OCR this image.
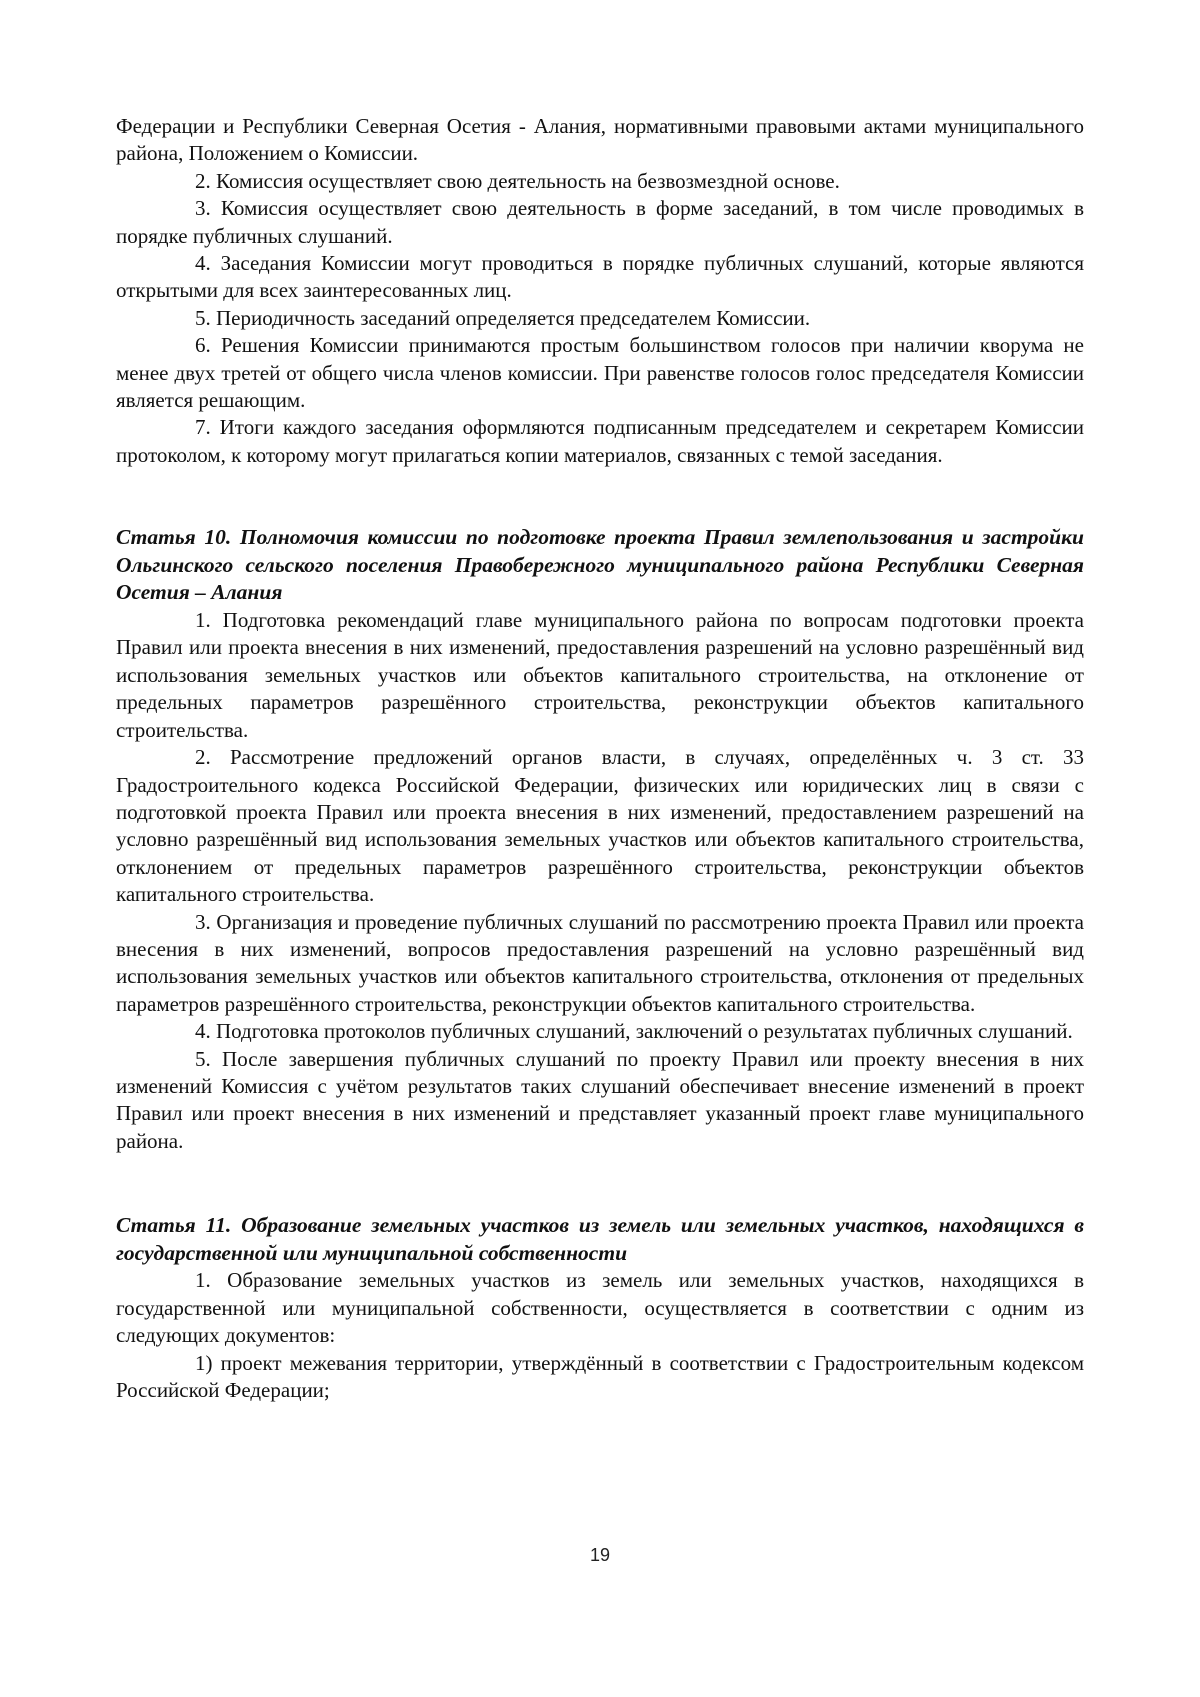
Федерации и Республики Северная Осетия - Алания, нормативными правовыми актами муниципального района, Положением о Комиссии.

2. Комиссия осуществляет свою деятельность на безвозмездной основе.

3. Комиссия осуществляет свою деятельность в форме заседаний, в том числе проводимых в порядке публичных слушаний.

4. Заседания Комиссии могут проводиться в порядке публичных слушаний, которые являются открытыми для всех заинтересованных лиц.

5. Периодичность заседаний определяется председателем Комиссии.

6. Решения Комиссии принимаются простым большинством голосов при наличии кворума не менее двух третей от общего числа членов комиссии. При равенстве голосов голос председателя Комиссии является решающим.

7. Итоги каждого заседания оформляются подписанным председателем и секретарем Комиссии протоколом, к которому могут прилагаться копии материалов, связанных с темой заседания.

Статья 10. Полномочия комиссии по подготовке проекта Правил землепользования и застройки Ольгинского сельского поселения Правобережного муниципального района Республики Северная Осетия – Алания

1. Подготовка рекомендаций главе муниципального района по вопросам подготовки проекта Правил или проекта внесения в них изменений, предоставления разрешений на условно разрешённый вид использования земельных участков или объектов капитального строительства, на отклонение от предельных параметров разрешённого строительства, реконструкции объектов капитального строительства.

2. Рассмотрение предложений органов власти, в случаях, определённых ч. 3 ст. 33 Градостроительного кодекса Российской Федерации, физических или юридических лиц в связи с подготовкой проекта Правил или проекта внесения в них изменений, предоставлением разрешений на условно разрешённый вид использования земельных участков или объектов капитального строительства, отклонением от предельных параметров разрешённого строительства, реконструкции объектов капитального строительства.

3. Организация и проведение публичных слушаний по рассмотрению проекта Правил или проекта внесения в них изменений, вопросов предоставления разрешений на условно разрешённый вид использования земельных участков или объектов капитального строительства, отклонения от предельных параметров разрешённого строительства, реконструкции объектов капитального строительства.

4. Подготовка протоколов публичных слушаний, заключений о результатах публичных слушаний.

5. После завершения публичных слушаний по проекту Правил или проекту внесения в них изменений Комиссия с учётом результатов таких слушаний обеспечивает внесение изменений в проект Правил или проект внесения в них изменений и представляет указанный проект главе муниципального района.

Статья 11. Образование земельных участков из земель или земельных участков, находящихся в государственной или муниципальной собственности

1. Образование земельных участков из земель или земельных участков, находящихся в государственной или муниципальной собственности, осуществляется в соответствии с одним из следующих документов:

1) проект межевания территории, утверждённый в соответствии с Градостроительным кодексом Российской Федерации;

19
